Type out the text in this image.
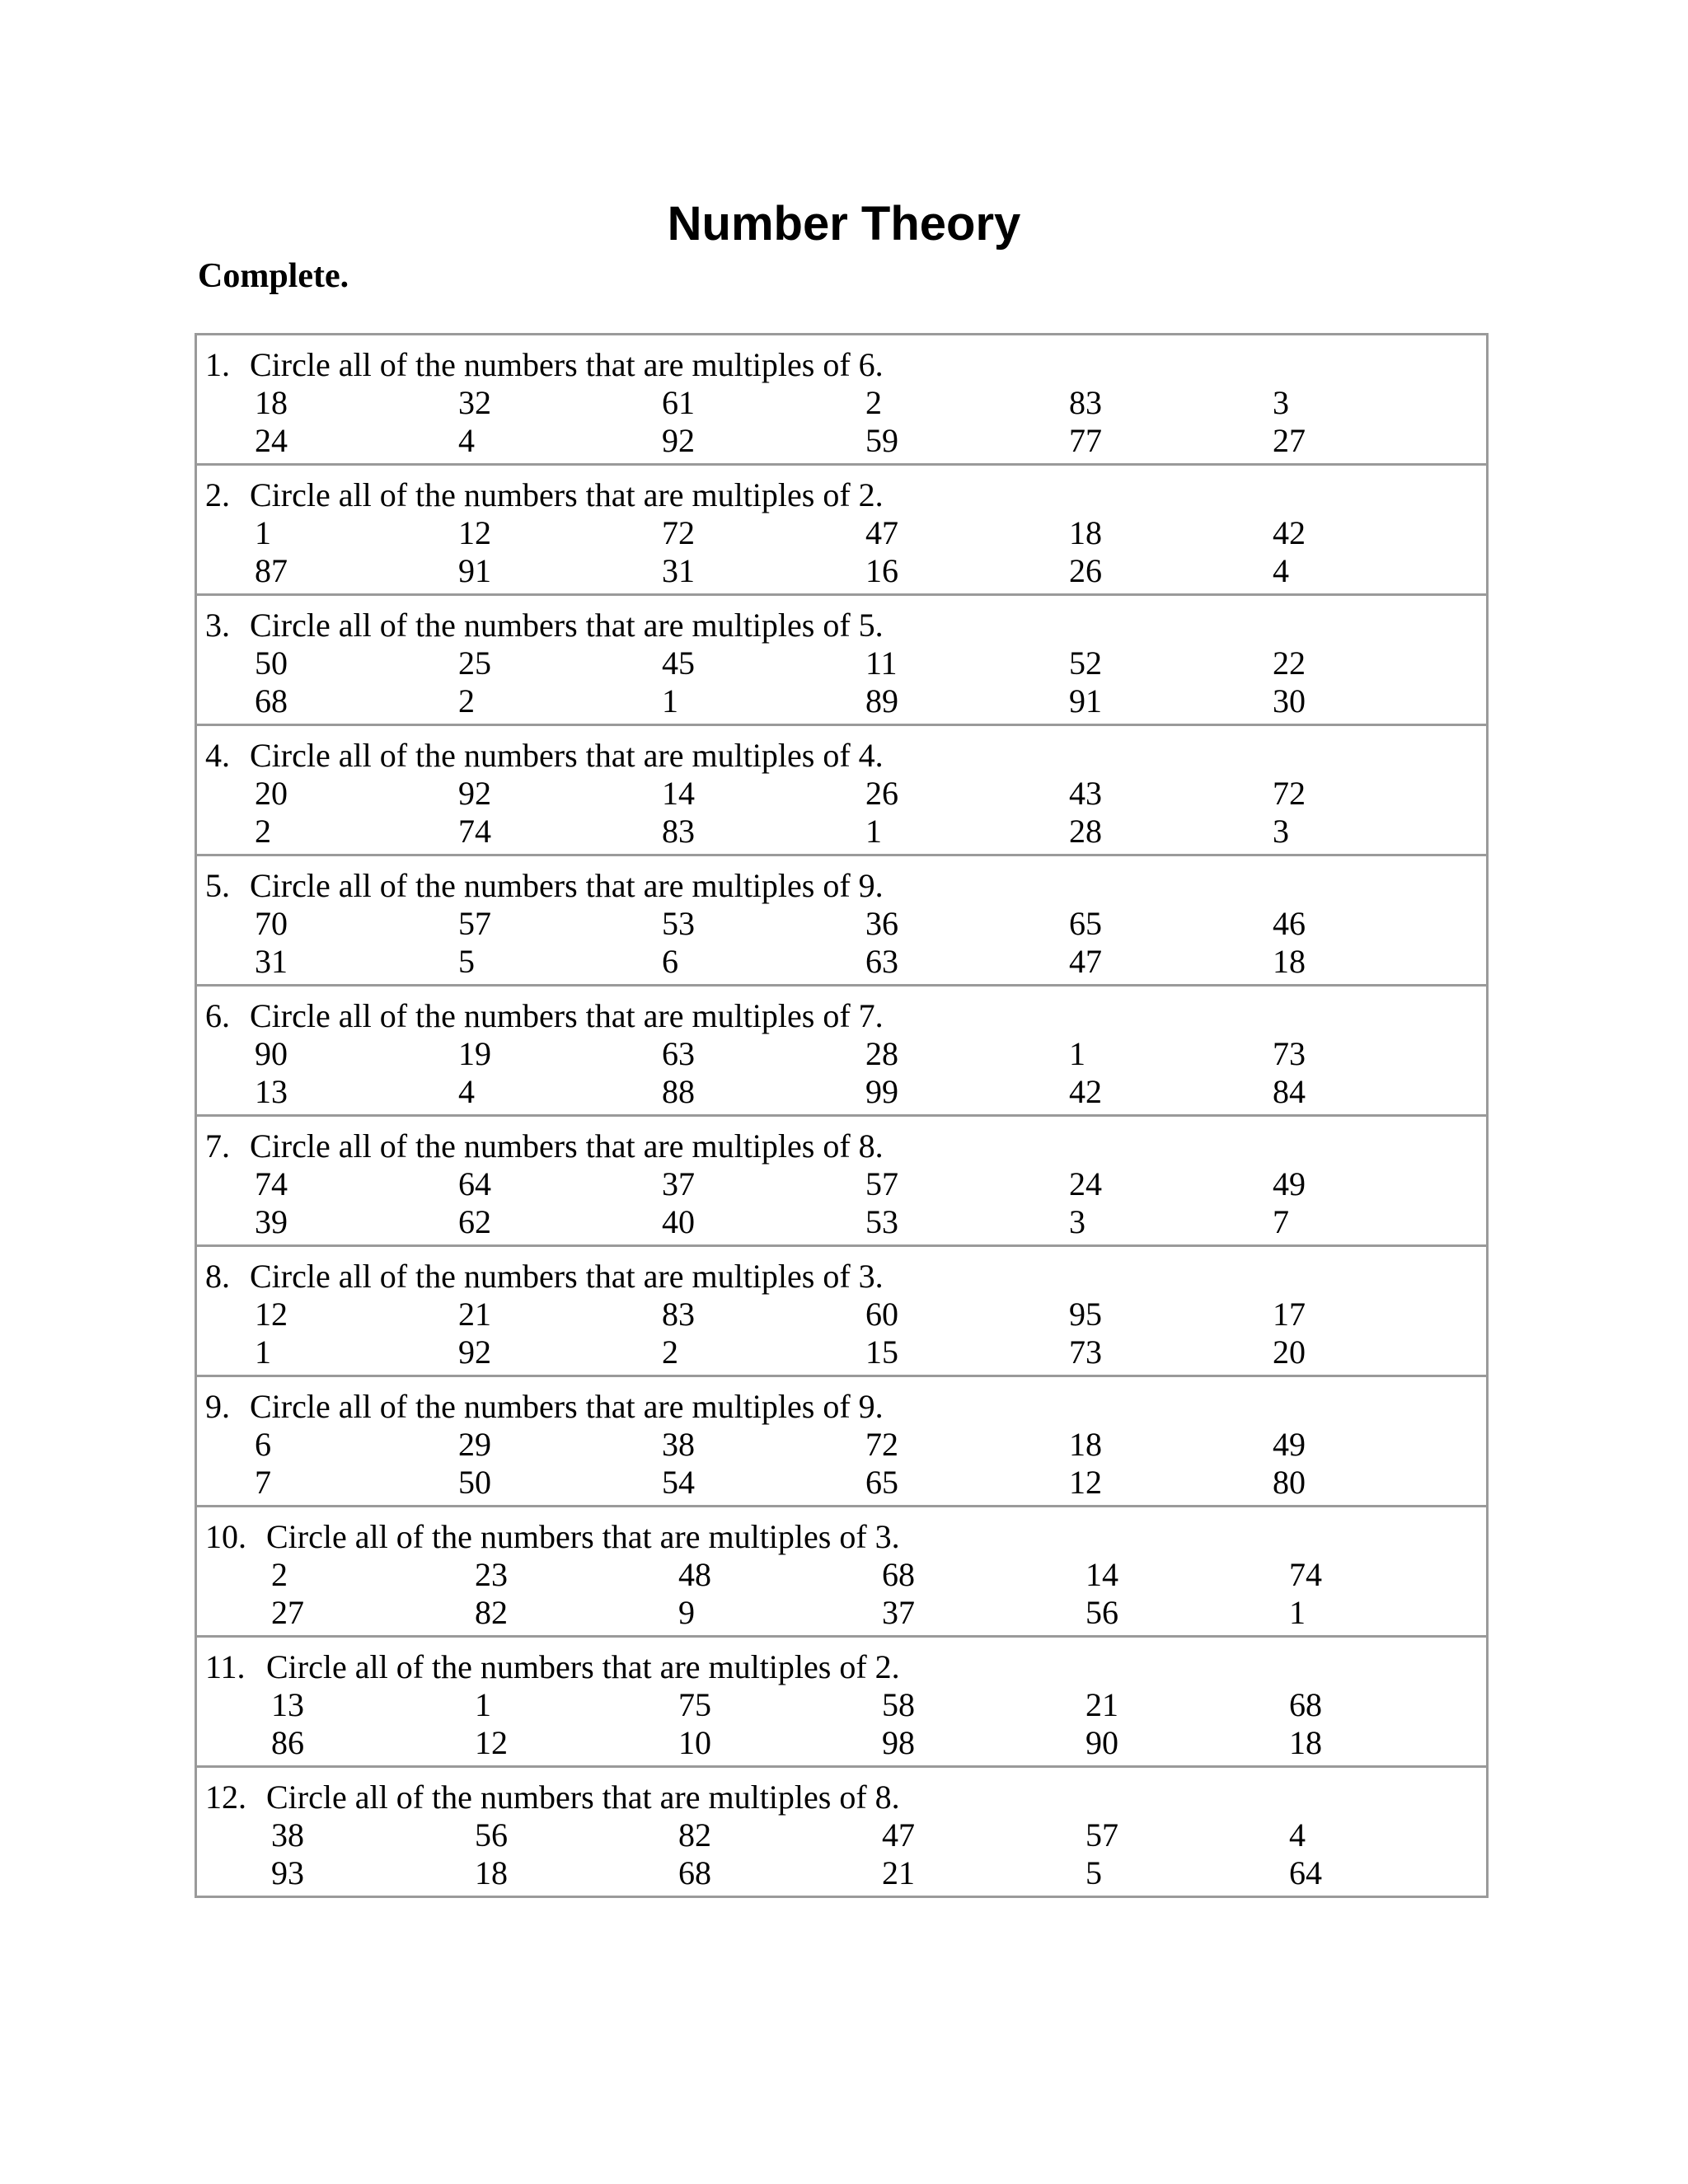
Number Theory

Complete.

1. Circle all of the numbers that are multiples of 6.
18	32	61	2	83	3
24	4	92	59	77	27
2. Circle all of the numbers that are multiples of 2.
1	12	72	47	18	42
87	91	31	16	26	4
3. Circle all of the numbers that are multiples of 5.
50	25	45	11	52	22
68	2	1	89	91	30
4. Circle all of the numbers that are multiples of 4.
20	92	14	26	43	72
2	74	83	1	28	3
5. Circle all of the numbers that are multiples of 9.
70	57	53	36	65	46
31	5	6	63	47	18
6. Circle all of the numbers that are multiples of 7.
90	19	63	28	1	73
13	4	88	99	42	84
7. Circle all of the numbers that are multiples of 8.
74	64	37	57	24	49
39	62	40	53	3	7
8. Circle all of the numbers that are multiples of 3.
12	21	83	60	95	17
1	92	2	15	73	20
9. Circle all of the numbers that are multiples of 9.
6	29	38	72	18	49
7	50	54	65	12	80
10. Circle all of the numbers that are multiples of 3.
2	23	48	68	14	74
27	82	9	37	56	1
11. Circle all of the numbers that are multiples of 2.
13	1	75	58	21	68
86	12	10	98	90	18
12. Circle all of the numbers that are multiples of 8.
38	56	82	47	57	4
93	18	68	21	5	64
